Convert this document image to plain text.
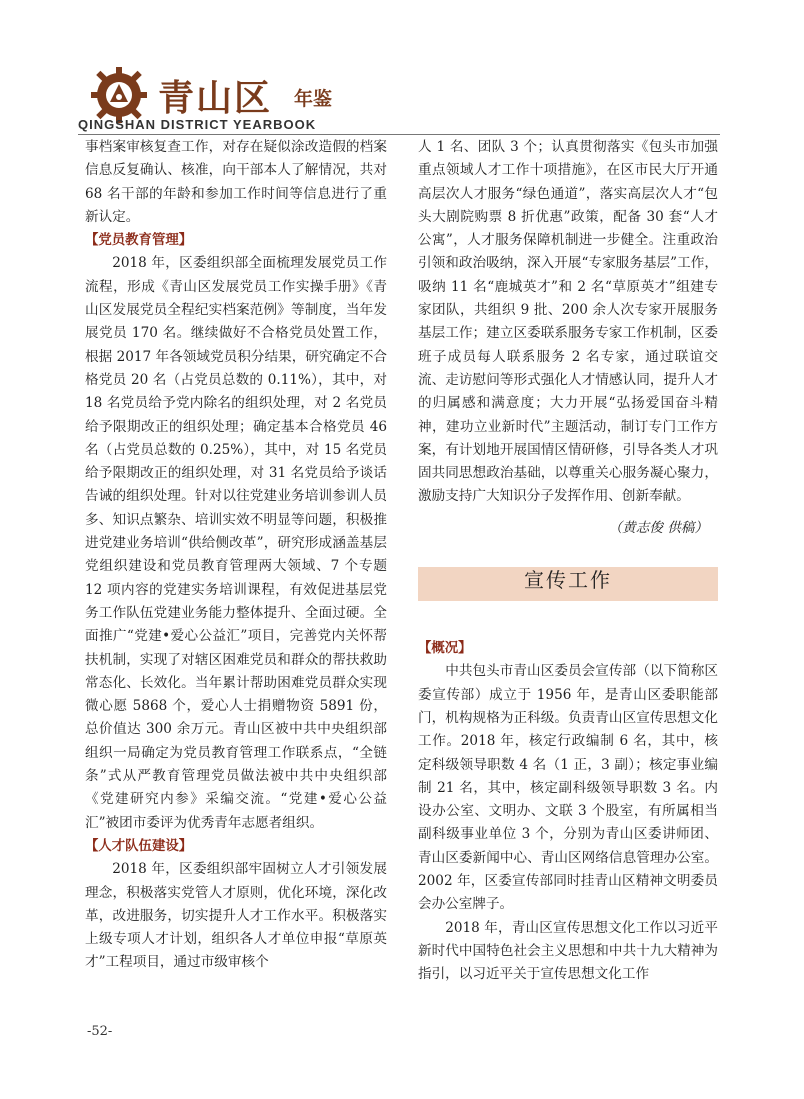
青山区 年鉴
QINGSHAN DISTRICT YEARBOOK

事档案审核复查工作，对存在疑似涂改造假的档案信息反复确认、核准，向干部本人了解情况，共对 68 名干部的年龄和参加工作时间等信息进行了重新认定。

【党员教育管理】

2018 年，区委组织部全面梳理发展党员工作流程，形成《青山区发展党员工作实操手册》《青山区发展党员全程纪实档案范例》等制度，当年发展党员 170 名。继续做好不合格党员处置工作，根据 2017 年各领域党员积分结果，研究确定不合格党员 20 名（占党员总数的 0.11%），其中，对 18 名党员给予党内除名的组织处理，对 2 名党员给予限期改正的组织处理；确定基本合格党员 46 名（占党员总数的 0.25%），其中，对 15 名党员给予限期改正的组织处理，对 31 名党员给予谈话告诫的组织处理。针对以往党建业务培训参训人员多、知识点繁杂、培训实效不明显等问题，积极推进党建业务培训“供给侧改革”，研究形成涵盖基层党组织建设和党员教育管理两大领域、7 个专题 12 项内容的党建实务培训课程，有效促进基层党务工作队伍党建业务能力整体提升、全面过硬。全面推广“党建•爱心公益汇”项目，完善党内关怀帮扶机制，实现了对辖区困难党员和群众的帮扶救助常态化、长效化。当年累计帮助困难党员群众实现微心愿 5868 个，爱心人士捐赠物资 5891 份，总价值达 300 余万元。青山区被中共中央组织部组织一局确定为党员教育管理工作联系点，“全链条”式从严教育管理党员做法被中共中央组织部《党建研究内参》采编交流。“党建•爱心公益汇”被团市委评为优秀青年志愿者组织。

【人才队伍建设】

2018 年，区委组织部牢固树立人才引领发展理念，积极落实党管人才原则，优化环境，深化改革，改进服务，切实提升人才工作水平。积极落实上级专项人才计划，组织各人才单位申报“草原英才”工程项目，通过市级审核个

人 1 名、团队 3 个；认真贯彻落实《包头市加强重点领域人才工作十项措施》，在区市民大厅开通高层次人才服务“绿色通道”，落实高层次人才“包头大剧院购票 8 折优惠”政策，配备 30 套“人才公寓”，人才服务保障机制进一步健全。注重政治引领和政治吸纳，深入开展“专家服务基层”工作，吸纳 11 名“鹿城英才”和 2 名“草原英才”组建专家团队，共组织 9 批、200 余人次专家开展服务基层工作；建立区委联系服务专家工作机制，区委班子成员每人联系服务 2 名专家，通过联谊交流、走访慰问等形式强化人才情感认同，提升人才的归属感和满意度；大力开展“弘扬爱国奋斗精神，建功立业新时代”主题活动，制订专门工作方案，有计划地开展国情区情研修，引导各类人才巩固共同思想政治基础，以尊重关心服务凝心聚力，激励支持广大知识分子发挥作用、创新奉献。

（黄志俊 供稿）

宣传工作

【概况】

中共包头市青山区委员会宣传部（以下简称区委宣传部）成立于 1956 年，是青山区委职能部门，机构规格为正科级。负责青山区宣传思想文化工作。2018 年，核定行政编制 6 名，其中，核定科级领导职数 4 名（1 正，3 副）；核定事业编制 21 名，其中，核定副科级领导职数 3 名。内设办公室、文明办、文联 3 个股室，有所属相当副科级事业单位 3 个，分别为青山区委讲师团、青山区委新闻中心、青山区网络信息管理办公室。2002 年，区委宣传部同时挂青山区精神文明委员会办公室牌子。

2018 年，青山区宣传思想文化工作以习近平新时代中国特色社会主义思想和中共十九大精神为指引，以习近平关于宣传思想文化工作

-52-
